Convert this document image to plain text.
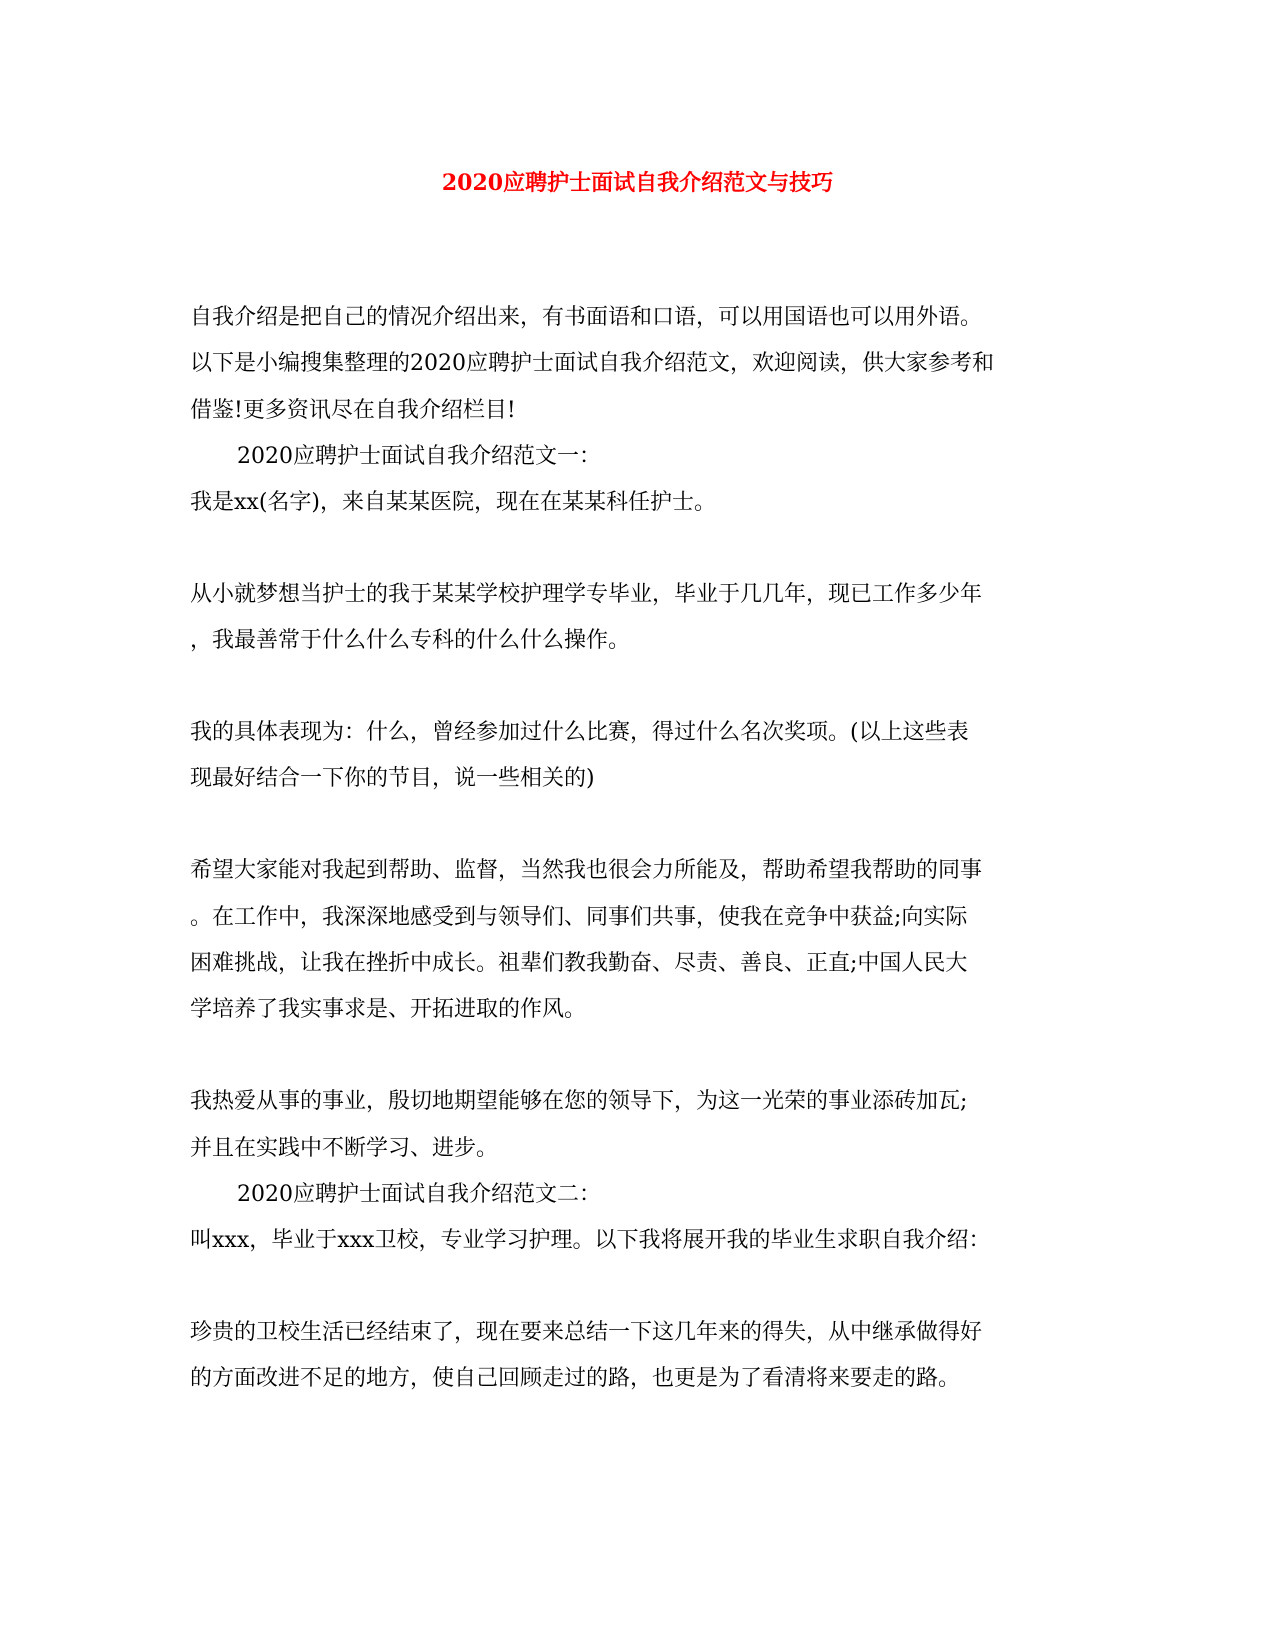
2020应聘护士面试自我介绍范文与技巧

自我介绍是把自己的情况介绍出来，有书面语和口语，可以用国语也可以用外语。

以下是小编搜集整理的2020应聘护士面试自我介绍范文，欢迎阅读，供大家参考和

借鉴!更多资讯尽在自我介绍栏目!

2020应聘护士面试自我介绍范文一：

我是xx(名字)，来自某某医院，现在在某某科任护士。

从小就梦想当护士的我于某某学校护理学专毕业，毕业于几几年，现已工作多少年

，我最善常于什么什么专科的什么什么操作。

我的具体表现为：什么，曾经参加过什么比赛，得过什么名次奖项。(以上这些表

现最好结合一下你的节目，说一些相关的)

希望大家能对我起到帮助、监督，当然我也很会力所能及，帮助希望我帮助的同事

。在工作中，我深深地感受到与领导们、同事们共事，使我在竞争中获益;向实际

困难挑战，让我在挫折中成长。祖辈们教我勤奋、尽责、善良、正直;中国人民大

学培养了我实事求是、开拓进取的作风。

我热爱从事的事业，殷切地期望能够在您的领导下，为这一光荣的事业添砖加瓦;

并且在实践中不断学习、进步。

2020应聘护士面试自我介绍范文二：

叫xxx，毕业于xxx卫校，专业学习护理。以下我将展开我的毕业生求职自我介绍：

珍贵的卫校生活已经结束了，现在要来总结一下这几年来的得失，从中继承做得好

的方面改进不足的地方，使自己回顾走过的路，也更是为了看清将来要走的路。
